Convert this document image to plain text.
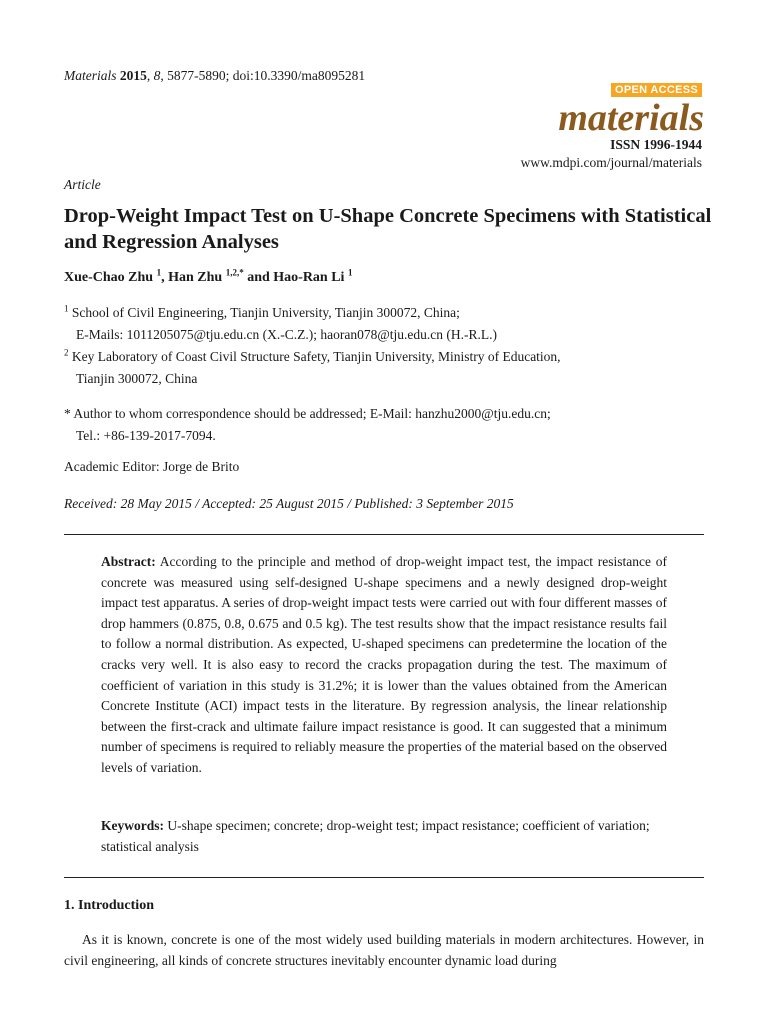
Materials 2015, 8, 5877-5890; doi:10.3390/ma8095281
OPEN ACCESS
materials
ISSN 1996-1944
www.mdpi.com/journal/materials
Article
Drop-Weight Impact Test on U-Shape Concrete Specimens with Statistical and Regression Analyses
Xue-Chao Zhu $^1$, Han Zhu $^{1,2,*}$ and Hao-Ran Li $^1$
$^1$ School of Civil Engineering, Tianjin University, Tianjin 300072, China;
E-Mails: 1011205075@tju.edu.cn (X.-C.Z.); haoran078@tju.edu.cn (H.-R.L.)
$^2$ Key Laboratory of Coast Civil Structure Safety, Tianjin University, Ministry of Education,
Tianjin 300072, China
* Author to whom correspondence should be addressed; E-Mail: hanzhu2000@tju.edu.cn;
Tel.: +86-139-2017-7094.
Academic Editor: Jorge de Brito
Received: 28 May 2015 / Accepted: 25 August 2015 / Published: 3 September 2015
Abstract: According to the principle and method of drop-weight impact test, the impact resistance of concrete was measured using self-designed U-shape specimens and a newly designed drop-weight impact test apparatus. A series of drop-weight impact tests were carried out with four different masses of drop hammers (0.875, 0.8, 0.675 and 0.5 kg). The test results show that the impact resistance results fail to follow a normal distribution. As expected, U-shaped specimens can predetermine the location of the cracks very well. It is also easy to record the cracks propagation during the test. The maximum of coefficient of variation in this study is 31.2%; it is lower than the values obtained from the American Concrete Institute (ACI) impact tests in the literature. By regression analysis, the linear relationship between the first-crack and ultimate failure impact resistance is good. It can suggested that a minimum number of specimens is required to reliably measure the properties of the material based on the observed levels of variation.
Keywords: U-shape specimen; concrete; drop-weight test; impact resistance; coefficient of variation; statistical analysis
1. Introduction
As it is known, concrete is one of the most widely used building materials in modern architectures. However, in civil engineering, all kinds of concrete structures inevitably encounter dynamic load during
